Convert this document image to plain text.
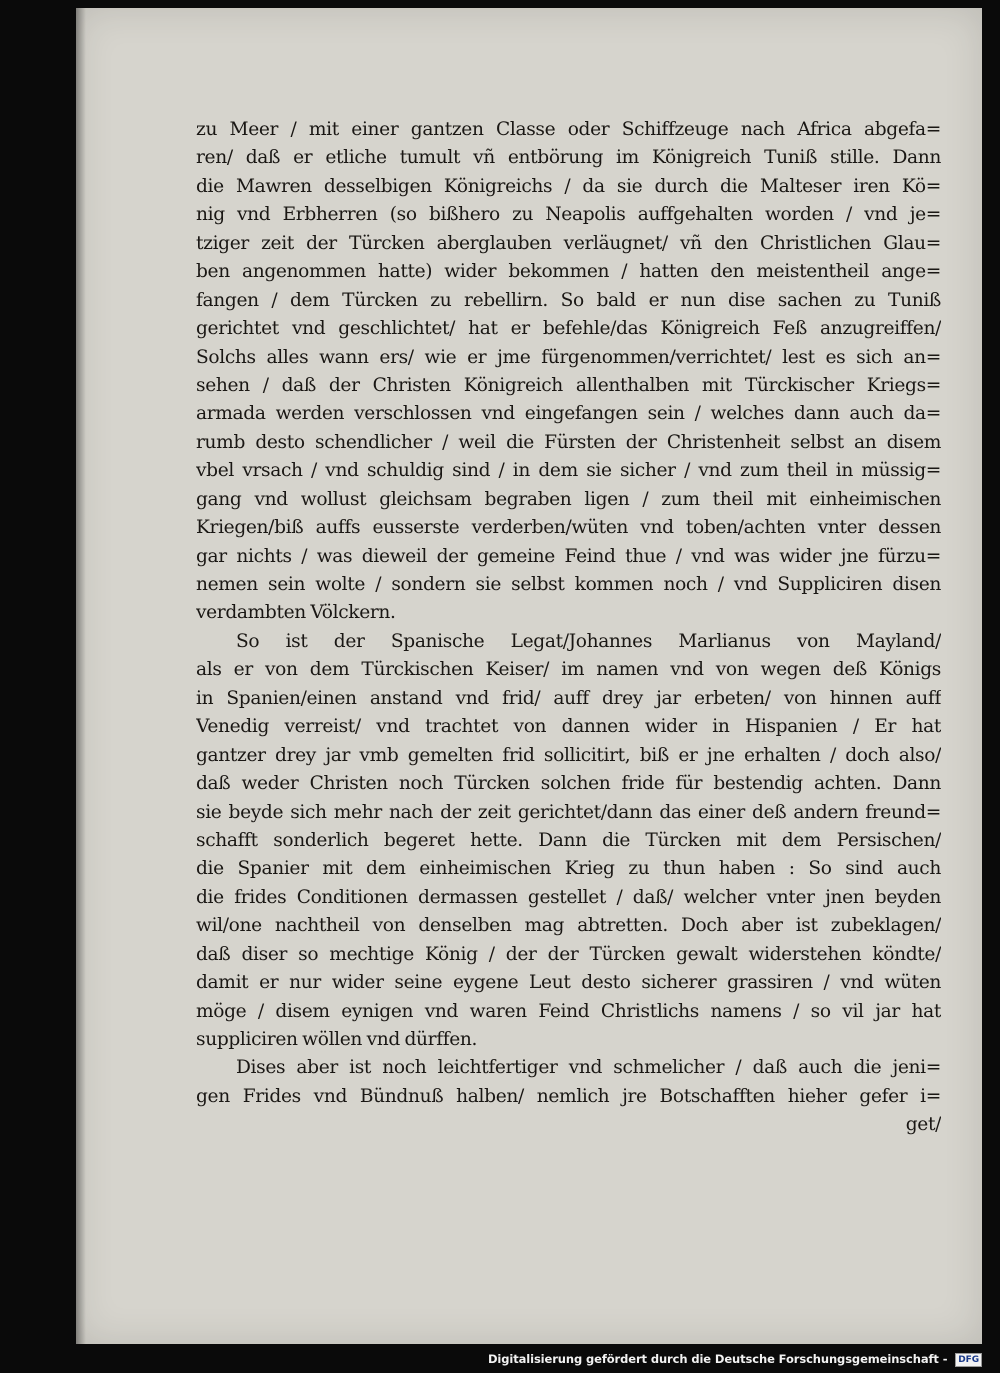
zu Meer / mit einer gantzen Classe oder Schiffzeuge nach Africa abgefa=
ren/ daß er etliche tumult vñ entbörung im Königreich Tuniß stille. Dann
die Mawren desselbigen Königreichs / da sie durch die Malteser iren Kö=
nig vnd Erbherren (so bißhero zu Neapolis auffgehalten worden / vnd je=
tziger zeit der Türcken aberglauben verläugnet/ vñ den Christlichen Glau=
ben angenommen hatte) wider bekommen / hatten den meistentheil ange=
fangen / dem Türcken zu rebellirn. So bald er nun dise sachen zu Tuniß
gerichtet vnd geschlichtet/ hat er befehle/das Königreich Feß anzugreiffen/
Solchs alles wann ers/ wie er jme fürgenommen/verrichtet/ lest es sich an=
sehen / daß der Christen Königreich allenthalben mit Türckischer Kriegs=
armada werden verschlossen vnd eingefangen sein / welches dann auch da=
rumb desto schendlicher / weil die Fürsten der Christenheit selbst an disem
vbel vrsach / vnd schuldig sind / in dem sie sicher / vnd zum theil in müssig=
gang vnd wollust gleichsam begraben ligen / zum theil mit einheimischen
Kriegen/biß auffs eusserste verderben/wüten vnd toben/achten vnter dessen
gar nichts / was dieweil der gemeine Feind thue / vnd was wider jne fürzu=
nemen sein wolte / sondern sie selbst kommen noch / vnd Suppliciren disen
verdambten Völckern.
So ist der Spanische Legat/Johannes Marlianus von Mayland/
als er von dem Türckischen Keiser/ im namen vnd von wegen deß Königs
in Spanien/einen anstand vnd frid/ auff drey jar erbeten/ von hinnen auff
Venedig verreist/ vnd trachtet von dannen wider in Hispanien / Er hat
gantzer drey jar vmb gemelten frid sollicitirt, biß er jne erhalten / doch also/
daß weder Christen noch Türcken solchen fride für bestendig achten. Dann
sie beyde sich mehr nach der zeit gerichtet/dann das einer deß andern freund=
schafft sonderlich begeret hette. Dann die Türcken mit dem Persischen/
die Spanier mit dem einheimischen Krieg zu thun haben : So sind auch
die frides Conditionen dermassen gestellet / daß/ welcher vnter jnen beyden
wil/one nachtheil von denselben mag abtretten. Doch aber ist zubeklagen/
daß diser so mechtige König / der der Türcken gewalt widerstehen köndte/
damit er nur wider seine eygene Leut desto sicherer grassiren / vnd wüten
möge / disem eynigen vnd waren Feind Christlichs namens / so vil jar hat
suppliciren wöllen vnd dürffen.
Dises aber ist noch leichtfertiger vnd schmelicher / daß auch die jeni=
gen Frides vnd Bündnuß halben/ nemlich jre Botschafften hieher gefer i=
get/
Digitalisierung gefördert durch die Deutsche Forschungsgemeinschaft - DFG
